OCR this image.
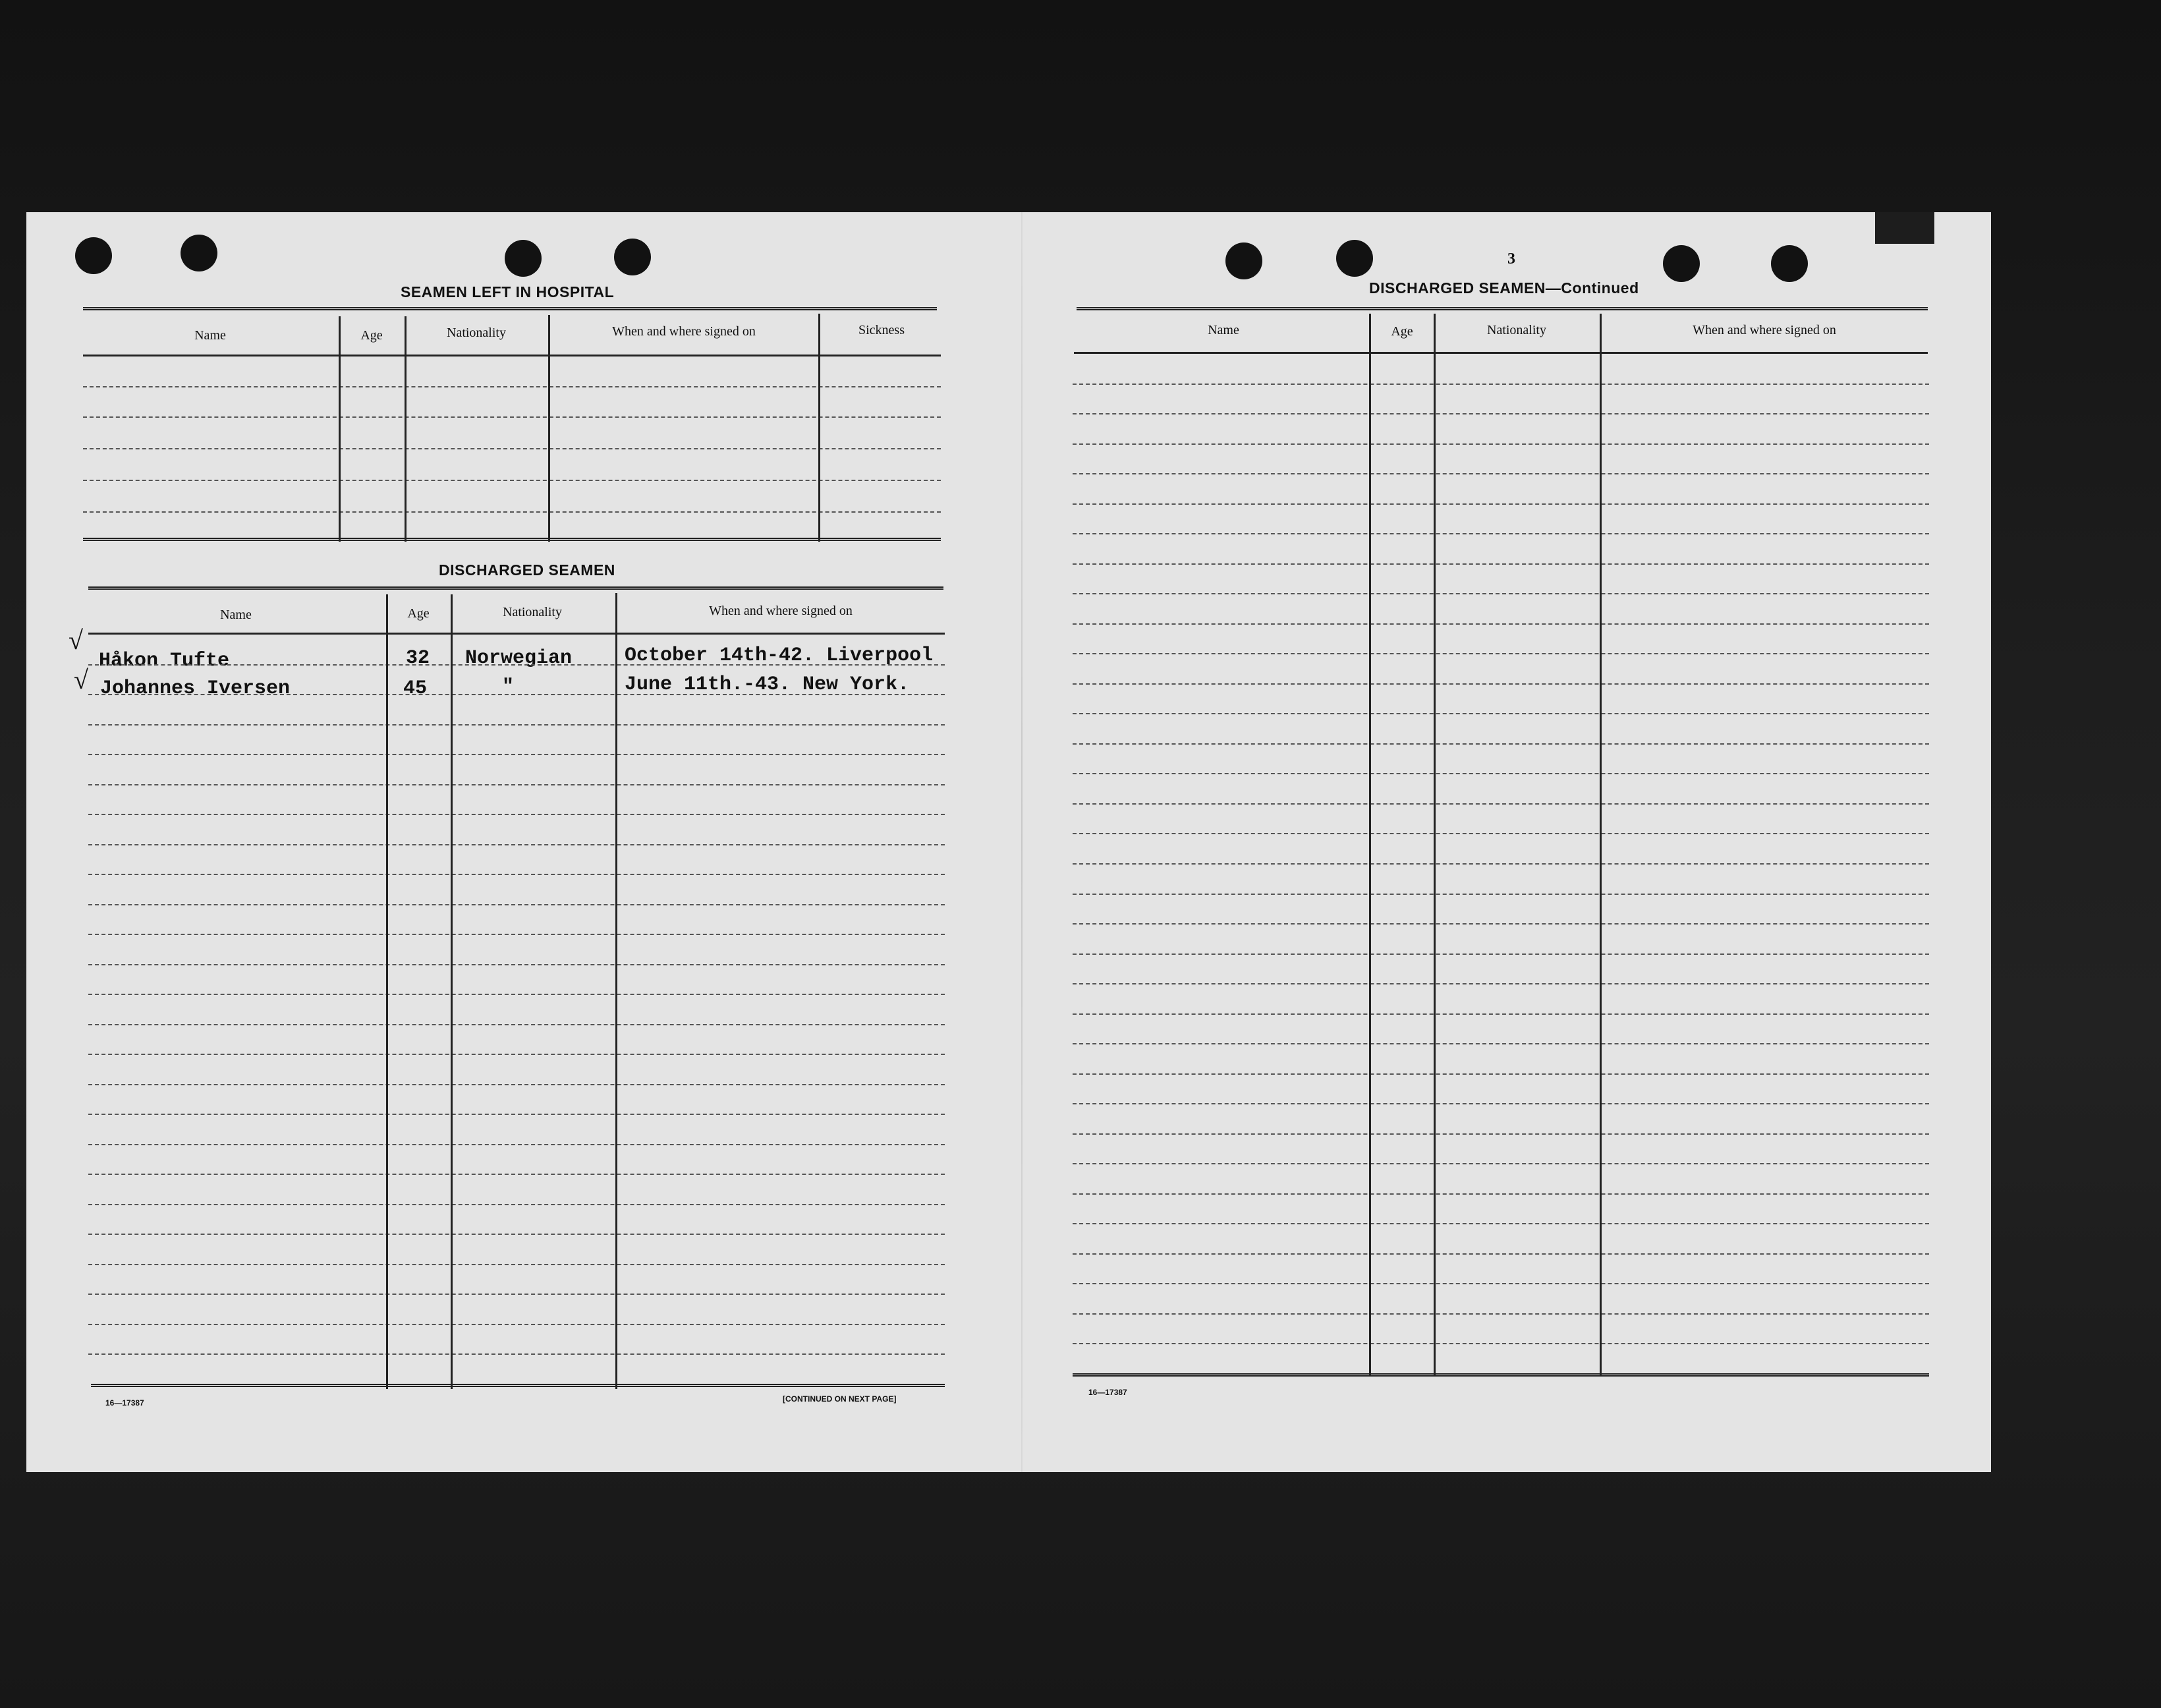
SEAMEN LEFT IN HOSPITAL
Name	Age	Nationality	When and where signed on	Sickness
DISCHARGED SEAMEN
Name	Age	Nationality	When and where signed on
√
Håkon Tufte	32 Norwegian	October 14th-42. Liverpool
√ Johannes Iversen	45	"	June 11th.-43. New York.
16—17387	[CONTINUED ON NEXT PAGE]
3
DISCHARGED SEAMEN—Continued
Name	Age	Nationality	When and where signed on
16—17387
